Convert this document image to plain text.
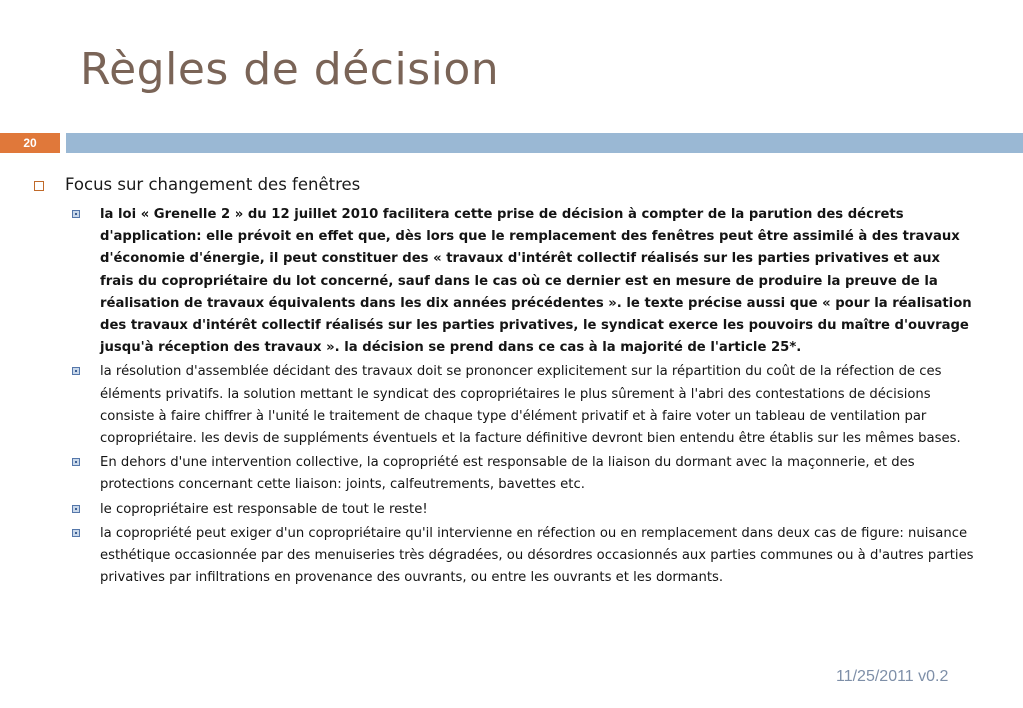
Règles de décision
20
Focus sur changement des fenêtres
la loi « Grenelle 2 » du 12 juillet 2010 facilitera cette prise de décision à compter de la parution des décrets d'application: elle prévoit en effet que, dès lors que le remplacement des fenêtres peut être assimilé à des travaux d'économie d'énergie, il peut constituer des « travaux d'intérêt collectif réalisés sur les parties privatives et aux frais du copropriétaire du lot concerné, sauf dans le cas où ce dernier est en mesure de produire la preuve de la réalisation de travaux équivalents dans les dix années précédentes ». le texte précise aussi que « pour la réalisation des travaux d'intérêt collectif réalisés sur les parties privatives, le syndicat exerce les pouvoirs du maître d'ouvrage jusqu'à réception des travaux ». la décision se prend dans ce cas à la majorité de l'article 25*.
la résolution d'assemblée décidant des travaux doit se prononcer explicitement sur la répartition du coût de la réfection de ces éléments privatifs. la solution mettant le syndicat des copropriétaires le plus sûrement à l'abri des contestations de décisions consiste à faire chiffrer à l'unité le traitement de chaque type d'élément privatif et à faire voter un tableau de ventilation par copropriétaire. les devis de suppléments éventuels et la facture définitive devront bien entendu être établis sur les mêmes bases.
En dehors d'une intervention collective, la copropriété est responsable de la liaison du dormant avec la maçonnerie, et des protections concernant cette liaison: joints, calfeutrements, bavettes etc.
le copropriétaire est responsable de tout le reste!
la copropriété peut exiger d'un copropriétaire qu'il intervienne en réfection ou en remplacement dans deux cas de figure: nuisance esthétique occasionnée par des menuiseries très dégradées, ou désordres occasionnés aux parties communes ou à d'autres parties privatives par infiltrations en provenance des ouvrants, ou entre les ouvrants et les dormants.
11/25/2011 v0.2
